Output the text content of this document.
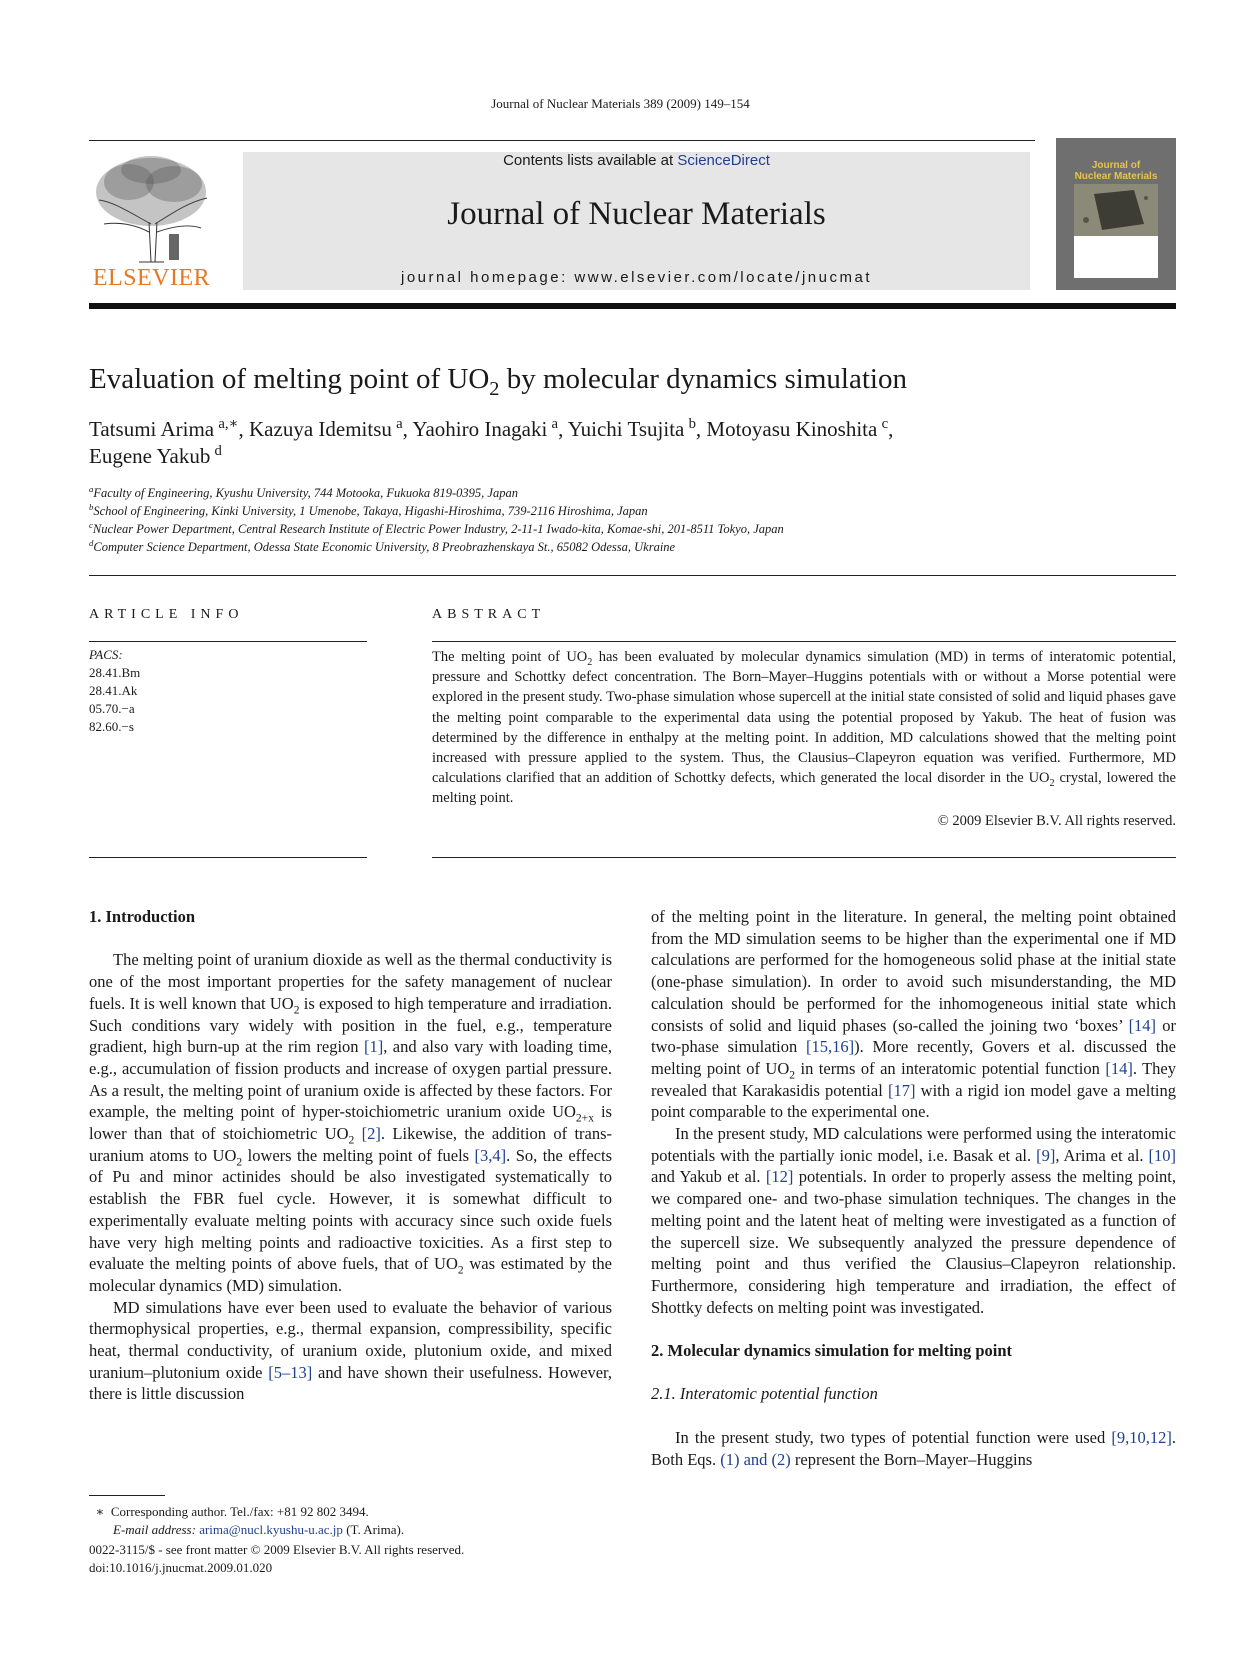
Journal of Nuclear Materials 389 (2009) 149–154
ELSEVIER
Contents lists available at ScienceDirect
Journal of Nuclear Materials
journal homepage: www.elsevier.com/locate/jnucmat
Journal of
Nuclear Materials
Evaluation of melting point of $UO_2$ by molecular dynamics simulation
Tatsumi Arima  $^{a,∗}$, Kazuya Idemitsu  $^a$, Yaohiro Inagaki  $^a$, Yuichi Tsujita  $^b$, Motoyasu Kinoshita  $^c$,
Eugene Yakub  $^d$
$^a$Faculty of Engineering, Kyushu University, 744 Motooka, Fukuoka 819-0395, Japan
$^b$School of Engineering, Kinki University, 1 Umenobe, Takaya, Higashi-Hiroshima, 739-2116 Hiroshima, Japan
$^c$Nuclear Power Department, Central Research Institute of Electric Power Industry, 2-11-1 Iwado-kita, Komae-shi, 201-8511 Tokyo, Japan
$^d$Computer Science Department, Odessa State Economic University, 8 Preobrazhenskaya St., 65082 Odessa, Ukraine
ARTICLE INFO	ABSTRACT
PACS:
28.41.Bm
28.41.Ak
05.70.−a
82.60.−s
The melting point of $UO_2$ has been evaluated by molecular dynamics simulation (MD) in terms of interatomic potential, pressure and Schottky defect concentration. The Born–Mayer–Huggins potentials with or without a Morse potential were explored in the present study. Two-phase simulation whose supercell at the initial state consisted of solid and liquid phases gave the melting point comparable to the experimental data using the potential proposed by Yakub. The heat of fusion was determined by the difference in enthalpy at the melting point. In addition, MD calculations showed that the melting point increased with pressure applied to the system. Thus, the Clausius–Clapeyron equation was verified. Furthermore, MD calculations clarified that an addition of Schottky defects, which generated the local disorder in the $UO_2$ crystal, lowered the melting point.
© 2009 Elsevier B.V. All rights reserved.
1. Introduction

The melting point of uranium dioxide as well as the thermal conductivity is one of the most important properties for the safety management of nuclear fuels. It is well known that $UO_2$ is exposed to high temperature and irradiation. Such conditions vary widely with position in the fuel, e.g., temperature gradient, high burn-up at the rim region [1], and also vary with loading time, e.g., accumulation of fission products and increase of oxygen partial pressure. As a result, the melting point of uranium oxide is affected by these factors. For example, the melting point of hyper-stoichiometric uranium oxide $UO_{2+x}$ is lower than that of stoichiometric $UO_2$ [2]. Likewise, the addition of trans-uranium atoms to $UO_2$ lowers the melting point of fuels [3,4]. So, the effects of Pu and minor actinides should be also investigated systematically to establish the FBR fuel cycle. However, it is somewhat difficult to experimentally evaluate melting points with accuracy since such oxide fuels have very high melting points and radioactive toxicities. As a first step to evaluate the melting points of above fuels, that of $UO_2$ was estimated by the molecular dynamics (MD) simulation.

MD simulations have ever been used to evaluate the behavior of various thermophysical properties, e.g., thermal expansion, compressibility, specific heat, thermal conductivity, of uranium oxide, plutonium oxide, and mixed uranium–plutonium oxide [5–13] and have shown their usefulness. However, there is little discussion

of the melting point in the literature. In general, the melting point obtained from the MD simulation seems to be higher than the experimental one if MD calculations are performed for the homogeneous solid phase at the initial state (one-phase simulation). In order to avoid such misunderstanding, the MD calculation should be performed for the inhomogeneous initial state which consists of solid and liquid phases (so-called the joining two ‘boxes’ [14] or two-phase simulation [15,16]). More recently, Govers et al. discussed the melting point of $UO_2$ in terms of an interatomic potential function [14]. They revealed that Karakasidis potential [17] with a rigid ion model gave a melting point comparable to the experimental one.

In the present study, MD calculations were performed using the interatomic potentials with the partially ionic model, i.e. Basak et al. [9], Arima et al. [10] and Yakub et al. [12] potentials. In order to properly assess the melting point, we compared one- and two-phase simulation techniques. The changes in the melting point and the latent heat of melting were investigated as a function of the supercell size. We subsequently analyzed the pressure dependence of melting point and thus verified the Clausius–Clapeyron relationship. Furthermore, considering high temperature and irradiation, the effect of Shottky defects on melting point was investigated.

2. Molecular dynamics simulation for melting point
2.1. Interatomic potential function

In the present study, two types of potential function were used [9,10,12]. Both Eqs. (1) and (2) represent the Born–Mayer–Huggins

∗ Corresponding author. Tel./fax: +81 92 802 3494.
E-mail address: arima@nucl.kyushu-u.ac.jp (T. Arima).
0022-3115/$ - see front matter © 2009 Elsevier B.V. All rights reserved.
doi:10.1016/j.jnucmat.2009.01.020
